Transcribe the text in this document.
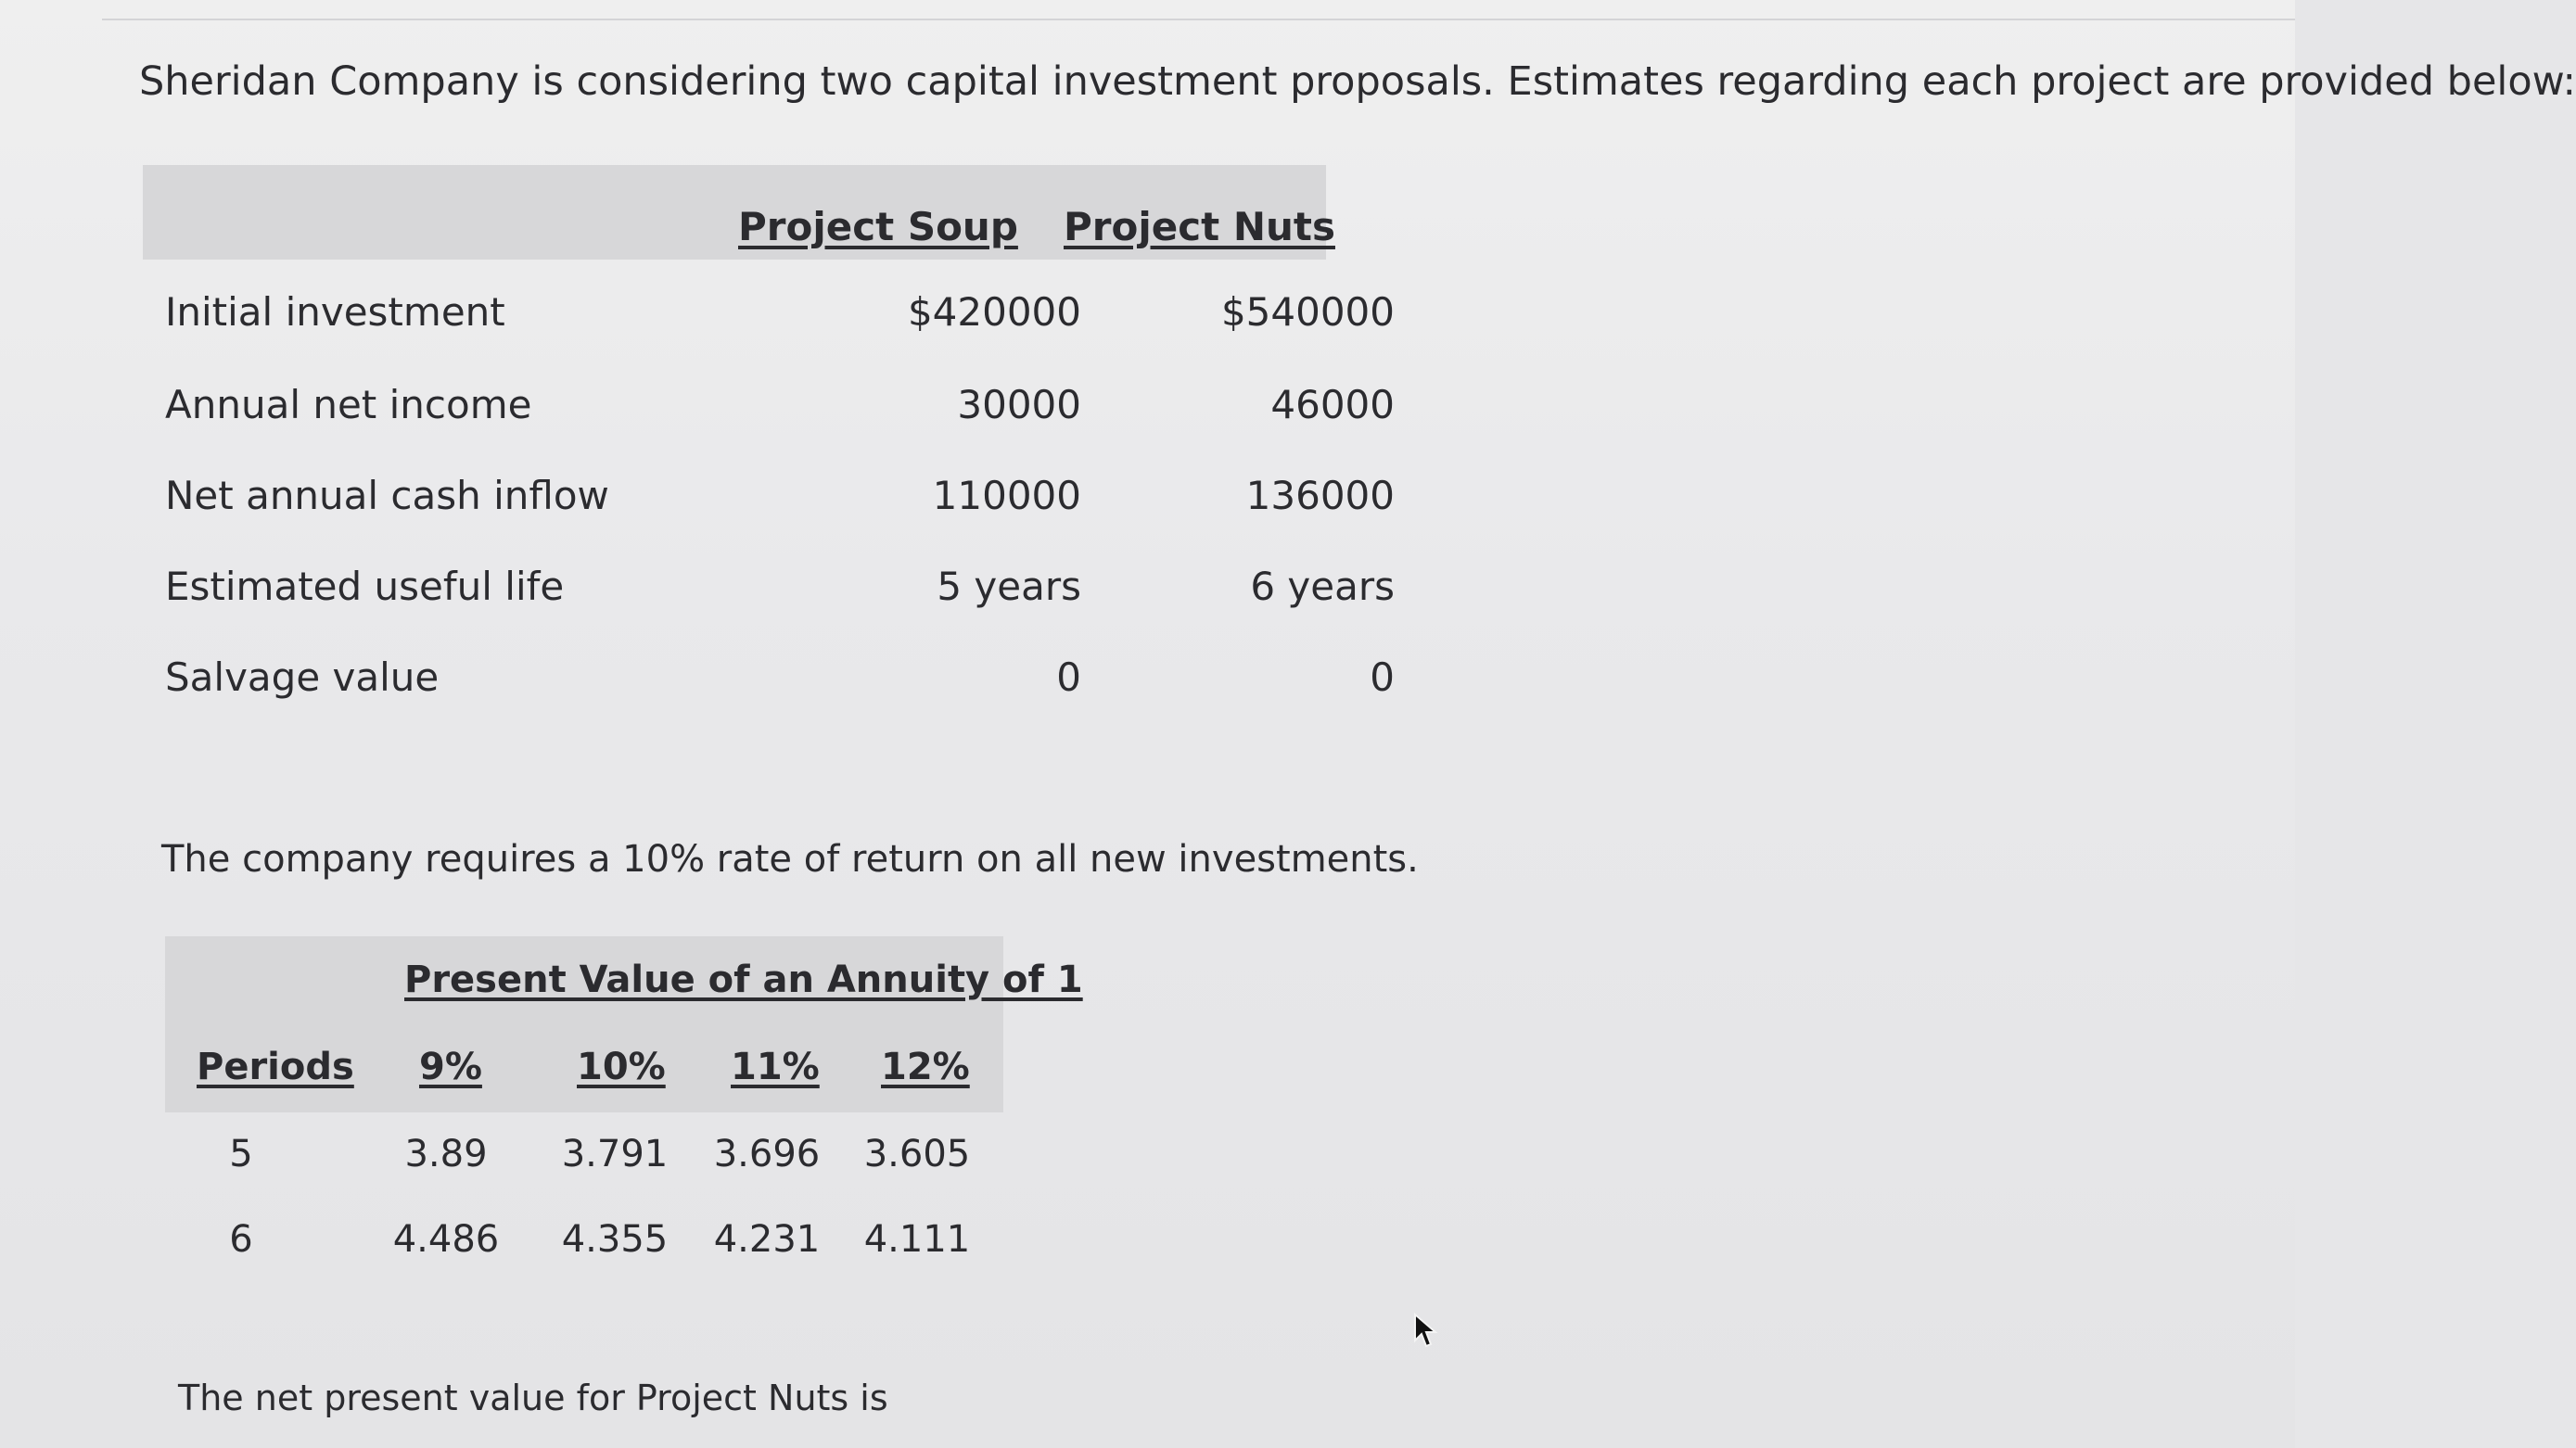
Sheridan Company is considering two capital investment proposals. Estimates regarding each project are provided below:
Project Soup Project Nuts
Initial investment	$420000	$540000
Annual net income	30000	46000
Net annual cash inflow	110000	136000
Estimated useful life	5 years	6 years
Salvage value	0	0
The company requires a 10% rate of return on all new investments.
Present Value of an Annuity of 1
Periods 9%	10% 11% 12%
5	3.89	3.791 3.696 3.605
6	4.486 4.355 4.231 4.111
The net present value for Project Nuts is
